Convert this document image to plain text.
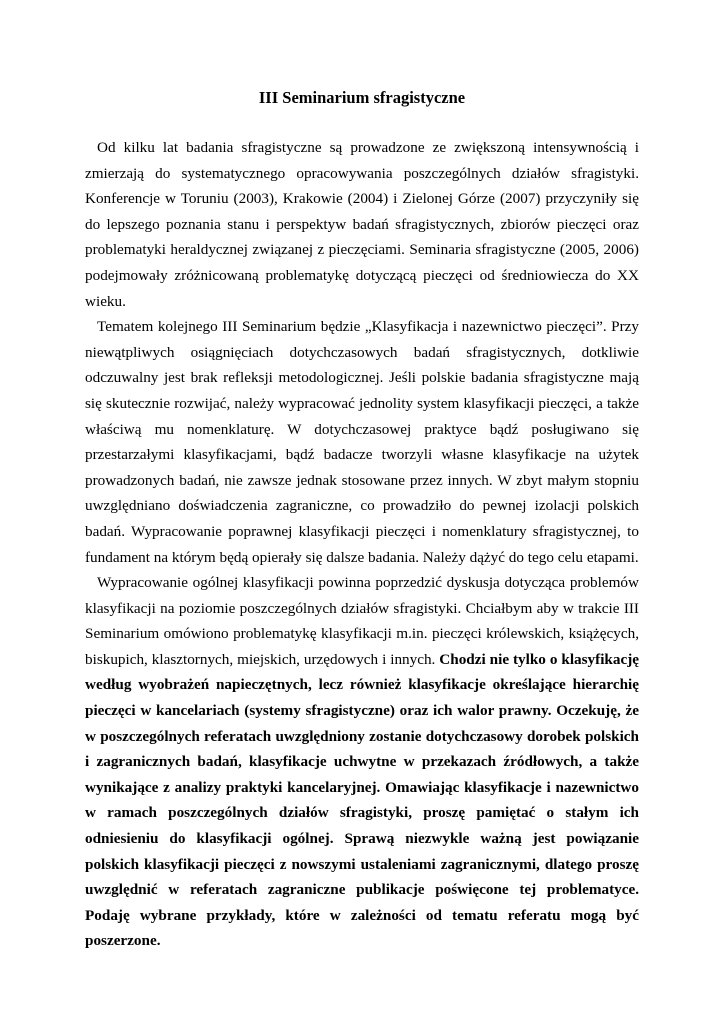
III Seminarium sfragistyczne

Od kilku lat badania sfragistyczne są prowadzone ze zwiększoną intensywnością i zmierzają do systematycznego opracowywania poszczególnych działów sfragistyki. Konferencje w Toruniu (2003), Krakowie (2004) i Zielonej Górze (2007) przyczyniły się do lepszego poznania stanu i perspektyw badań sfragistycznych, zbiorów pieczęci oraz problematyki heraldycznej związanej z pieczęciami. Seminaria sfragistyczne (2005, 2006) podejmowały zróżnicowaną problematykę dotyczącą pieczęci od średniowiecza do XX wieku.

Tematem kolejnego III Seminarium będzie „Klasyfikacja i nazewnictwo pieczęci”. Przy niewątpliwych osiągnięciach dotychczasowych badań sfragistycznych, dotkliwie odczuwalny jest brak refleksji metodologicznej. Jeśli polskie badania sfragistyczne mają się skutecznie rozwijać, należy wypracować jednolity system klasyfikacji pieczęci, a także właściwą mu nomenklaturę. W dotychczasowej praktyce bądź posługiwano się przestarzałymi klasyfikacjami, bądź badacze tworzyli własne klasyfikacje na użytek prowadzonych badań, nie zawsze jednak stosowane przez innych. W zbyt małym stopniu uwzględniano doświadczenia zagraniczne, co prowadziło do pewnej izolacji polskich badań. Wypracowanie poprawnej klasyfikacji pieczęci i nomenklatury sfragistycznej, to fundament na którym będą opierały się dalsze badania. Należy dążyć do tego celu etapami.

Wypracowanie ogólnej klasyfikacji powinna poprzedzić dyskusja dotycząca problemów klasyfikacji na poziomie poszczególnych działów sfragistyki. Chciałbym aby w trakcie III Seminarium omówiono problematykę klasyfikacji m.in. pieczęci królewskich, książęcych, biskupich, klasztornych, miejskich, urzędowych i innych. Chodzi nie tylko o klasyfikację według wyobrażeń napieczętnych, lecz również klasyfikacje określające hierarchię pieczęci w kancelariach (systemy sfragistyczne) oraz ich walor prawny. Oczekuję, że w poszczególnych referatach uwzględniony zostanie dotychczasowy dorobek polskich i zagranicznych badań, klasyfikacje uchwytne w przekazach źródłowych, a także wynikające z analizy praktyki kancelaryjnej. Omawiając klasyfikacje i nazewnictwo w ramach poszczególnych działów sfragistyki, proszę pamiętać o stałym ich odniesieniu do klasyfikacji ogólnej. Sprawą niezwykle ważną jest powiązanie polskich klasyfikacji pieczęci z nowszymi ustaleniami zagranicznymi, dlatego proszę uwzględnić w referatach zagraniczne publikacje poświęcone tej problematyce. Podaję wybrane przykłady, które w zależności od tematu referatu mogą być poszerzone.
